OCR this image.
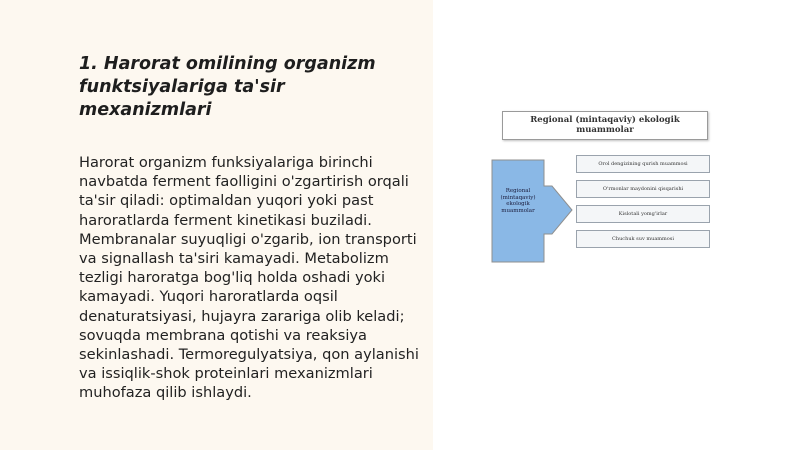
1. Harorat omilining organizm funktsiyalariga ta'sir mexanizmlari

Harorat organizm funksiyalariga birinchi navbatda ferment faolligini o'zgartirish orqali ta'sir qiladi: optimaldan yuqori yoki past haroratlarda ferment kinetikasi buziladi. Membranalar suyuqligi o'zgarib, ion transporti va signallash ta'siri kamayadi. Metabolizm tezligi haroratga bog'liq holda oshadi yoki kamayadi. Yuqori haroratlarda oqsil denaturatsiyasi, hujayra zarariga olib keladi; sovuqda membrana qotishi va reaksiya sekinlashadi. Termoregulyatsiya, qon aylanishi va issiqlik-shok proteinlari mexanizmlari muhofaza qilib ishlaydi.

Regional (mintaqaviy) ekologik muammolar
Regional (mintaqaviy) ekologik muammolar
Orol dengizining qurish muammosi
O'rmonlar maydonini qisqarishi
Kislotali yomg'irlar
Chuchuk suv muammosi
